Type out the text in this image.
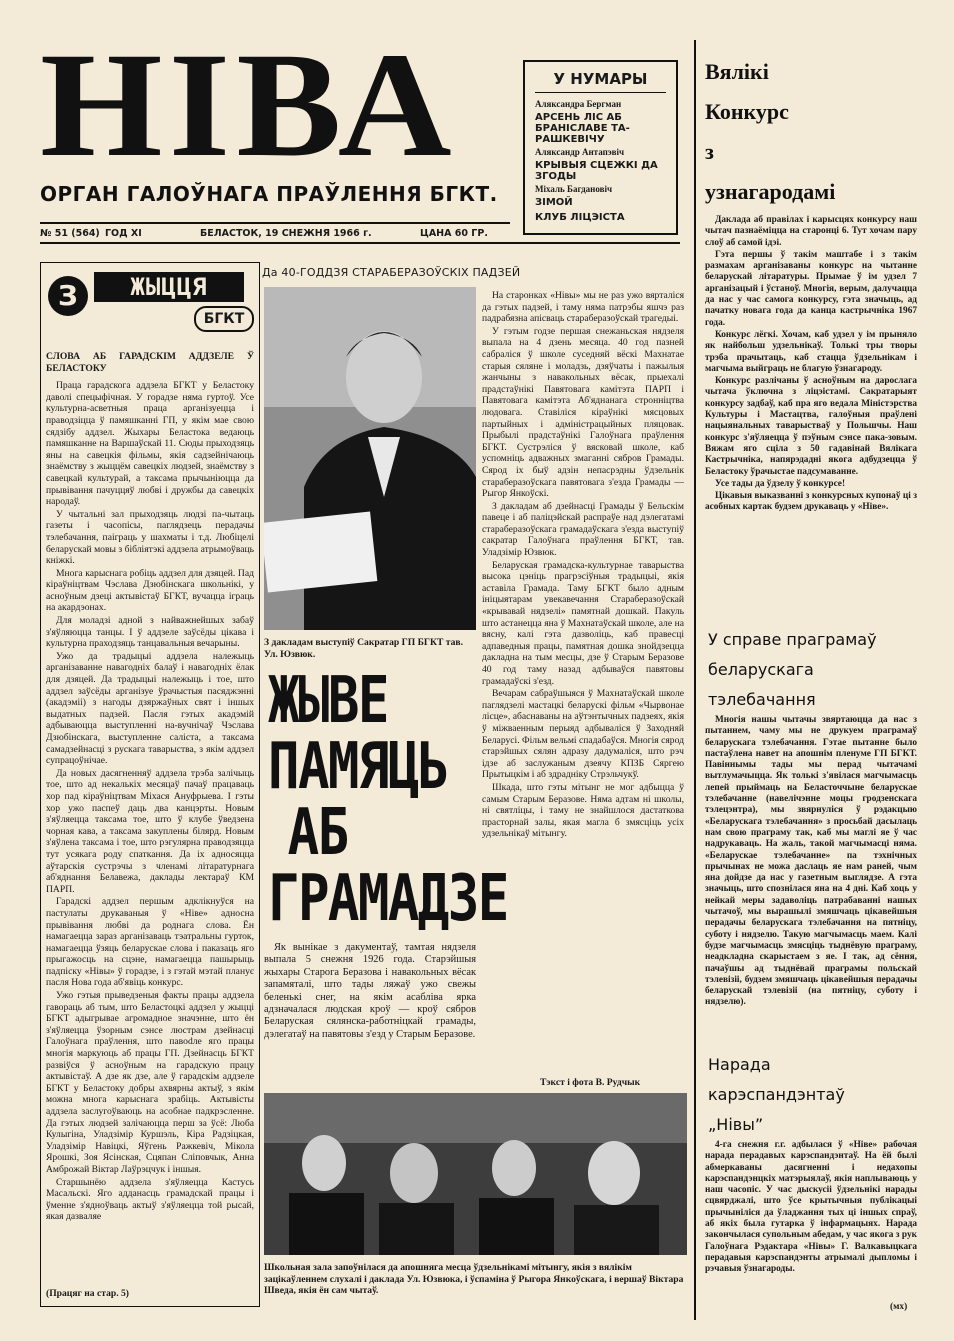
НІВА
ОРГАН ГАЛОЎНАГА ПРАЎЛЕННЯ БГКТ.
№ 51 (564) ГОД XI	БЕЛАСТОК, 19 СНЕЖНЯ 1966 г.	ЦАНА 60 ГР.
У НУМАРЫ

Аляксандра Бергман

АРСЕНЬ ЛІС АБ БРАНІСЛАВЕ ТА-РАШКЕВІЧУ

Аляксандр Антапэвіч

КРЫВЫЯ СЦЕЖКІ ДА ЗГОДЫ

Міхаль Багдановіч

ЗІМОЙ

КЛУБ ЛІЦЭІСТА

З	ЖЫЦЦЯ
БГКТ

СЛОВА АБ ГАРАДСКІМ АДДЗЕЛЕ Ў БЕЛАСТОКУ

Праца гарадскога аддзела БГКТ у Беластоку даволі спецыфічная. У горадзе няма гуртоў. Усе культурна-асветныя праца арганізуецца і праводзіцца ў памяшканні ГП, у якім мае свою сядзібу аддзел. Жыхары Беластока ведаюць памяшканне на Варшаўскай 11. Сюды прыходзяць яны на савецкія фільмы, якія садзейнічаюць знаёмству з жыццём савецкіх людзей, знаёмству з савецкай культурай, а таксама прычыніюцца да прывівання пачуццяў любві і дружбы да савецкіх народаў.

У чытальні зал прыходзяць людзі па-чытаць газеты і часопісы, паглядзець перадачы тэлебачання, паіграць у шахматы і т.д. Любіцелі беларускай мовы з бібліятэкі аддзела атрымоўваць кніжкі.

Многа карыснага робіць аддзел для дзяцей. Пад кіраўніцтвам Чэслава Дзюбінскага школьнікі, у асноўным дзеці актывістаў БГКТ, вучацца іграць на акардэонах.

Для моладзі адной з найважнейшых забаў з'яўляюцца танцы. І ў аддзеле заўсёды цікава і культурна праходзяць танцавальныя вечарыны.

Ужо да традыцыі аддзела належыць арганізаванне навагодніх балаў і навагодніх ёлак для дзяцей. Да традыцыі належыць і тое, што аддзел заўсёды арганізуе ўрачыстыя пасяджэнні (акадэміі) з нагоды дзяржаўных свят і іншых выдатных падзей. Пасля гэтых акадэмій адбываюцца выступленні на-вучнічаў Чэслава Дзюбінскага, выступленне саліста, а таксама самадзейнасці з рускага таварыства, з якім аддзел супрацоўнічае.

Да новых дасягненняў аддзела трэба залічыць тое, што ад некалькіх месяцаў пачаў працаваць хор пад кіраўніцтвам Міхася Ануфрыева. І гэты хор ужо паспеў даць два канцэрты. Новым з'яўляецца таксама тое, што ў клубе ўведзена чорная кава, а таксама закуплены білярд. Новым з'яўлена таксама і тое, што рэгулярна праводзяцца тут усякага роду спаткання. Да іх адносяцца аўтарскія сустрэчы з членамі літаратурнага аб'яднання Белавежа, даклады лектараў КМ ПАРП.

Гарадскі аддзел першым адклікнуўся на пастулаты друкаваныя ў «Ніве» адносна прывівання любві да роднага слова. Ён намагаецца зараз арганізаваць тэатральны гурток, намагаецца ўзяць беларускае слова і паказаць яго прыгажосць на сцэне, намагаецца пашырыць падпіску «Нівы» ў горадзе, і з гэтай мэтай планує пасля Нова года аб'явіць конкурс.

Ужо гэтыя прыведзеныя факты працы аддзела гавораць аб тым, што Беластоцкі аддзел у жыцці БГКТ адыгрывае агромадное значэнне, што ён з'яўляецца ўзорным сэнсе люстрам дзейнасці Галоўнага праўлення, што павodле яго працы многія маркуюць аб працы ГП. Дзейнасць БГКТ развіўся ў асноўным на гарадскую працу актывістаў. А дзе як дзе, але ў гарадскім аддзеле БГКТ у Беластоку добры ахвярны актыў, з якім можна многа карыснага зрабіць. Актывісты аддзела заслугоўваюць на асобнае падкрэсленне. Да гэтых людзей залічаюцца перш за ўсё: Люба Кулыгіна, Уладзімір Куршэль, Кіра Радзіцкая, Уладзімір Навіцкі, Яўгень Ражкевіч, Мікола Ярошкі, Зоя Ясінская, Сцяпан Сліповчык, Анна Амброжай Віктар Лаўрэцчук і іншыя.

Старшынёю аддзела з'яўляецца Кастусь Масальскі. Яго адданасць грамадскай працы і ўменне з'ядноўваць актыў з'яўляецца той рысай, якая дазваляе

(Працяг на стар. 5)
Да 40-ГОДДЗЯ СТАРАБЕРАЗОЎСКІХ ПАДЗЕЙ
З дакладам выступіў Сакратар ГП БГКТ тав. Ул. Юзвюк.
ЖЫВЕ
ПАМЯЦЬ
АБ
ГРАМАДЗЕ

Як вынікае з дакументаў, тамтая нядзеля выпала 5 снежня 1926 года. Старэйшыя жыхары Старога Беразова і навакольных вёсак запамяталі, што тады ляжаў ужо свежы беленькі снег, на якім асабліва ярка адзначалася людская кроў — кроў сябров Беларуская сялянска-работніцкай грамады, дэлегатаў на павятовы з'езд у Старым Беразове.

На старонках «Нівы» мы не раз ужо вярталіся да гэтых падзей, і таму няма патрэбы яшчэ раз падрабязна апісваць стараберазоўскай трагедыі.

У гэтым годзе першая снежаньская нядзеля выпала на 4 дзень месяца. 40 год пазней сабраліся ў школе суседняй вёскі Махнатае старыя сяляне і моладзь, дзяўчаты і пажылыя жанчыны з навакольных вёсак, прыехалі прадстаўнікі Павятовага камітэта ПАРП і Павятовага камітэта Аб'яднанага стронніцтва людовага. Ставіліся кіраўнікі мясцовых партыйных і адміністрацыйных пляцовак. Прыбылі прадстаўнікі Галоўнага праўлення БГКТ. Сустрэліся ў вясковай школе, каб успомніць адважных змаганні сябров Грамады. Сярод іх быў адзін непасрэдны ўдзельнік стараберазоўскага павятовага з'езда Грамады — Рыгор Янкоўскі.

З дакладам аб дзейнасці Грамады ў Бельскім павеце і аб паліцэйскай распраўе над дэлегатамі стараберазоўскага грамадаўскага з'езда выступіў сакратар Галоўнага праўлення БГКТ, тав. Уладзімір Юзвюк.

Беларуская грамадска-культурнае таварыства высока цэніць прагрэсіўныя традыцыі, якія аставіла Грамада. Таму БГКТ было адным ініцыятарам увекавечання Стараберазоўскай «крывавай нядзелі» памятнай дошкай. Пакуль што астанецца яна ў Махнатаўскай школе, але на вясну, калі гэта дазволіць, каб правесці адпаведныя працы, памятная дошка знойдзецца дакладна на тым месцы, дзе ў Старым Беразове 40 год таму назад адбываўся павятовы грамадаўскі з'езд.

Вечарам сабраўшыяся ў Махнатаўскай школе паглядзелі мастацкі беларускі фільм «Чырвонае лісце», абаснаваны на аўтэнтычных падзеях, якія ў міжваенным перыяд адбываліся ў Заходняй Беларусі. Фільм вельмі спадабаўся. Многія сярод старэйшых сялян адразу дадумаліся, што рэч ідзе аб заслужаным дзеячу КПЗБ Сяргею Прытыцкім і аб здрадніку Стрэльчукў.

Шкада, што гэты мітынг не мог адбыцца ў самым Старым Беразове. Няма адтам ні школы, ні святліцы, і таму не знайшлося дастаткова прасторнай залы, якая магла б змясціць усіх удзельнікаў мітынгу.

Тэкст і фота В. Рудчык
Школьная зала запоўнілася да апошняга месца ўдзельнікамі мітынгу, якія з вялікім зацікаўленнем слухалі і даклада Ул. Юзвюка, і ўспаміна ў Рыгора Янкоўскага, і вершаў Віктара Шведа, якія ён сам чытаў.
Вялікі
Конкурс
з
узнагародамі

Даклада аб правілах і карысцях конкурсу наш чытач пазнаёміцца на старонці 6. Тут хочам пару слоў аб самой ідэі.

Гэта першы ў такім маштабе і з такім размахам арганізаваны конкурс на чытанне беларускай літаратуры. Прымае ў ім удзел 7 арганізацый і ўстаноў. Многія, верым, далучацца да нас у час самога конкурсу, гэта значыць, ад пачатку новага года да канца кастрычніка 1967 года.

Конкурс лёгкі. Хочам, каб удзел у ім прыняло як найбольш удзельнікаў. Толькі тры творы трэба прачытаць, каб стацца ўдзельнікам і магчыма выйграць не благую ўзнагароду.

Конкурс разлічаны ў асноўным на дарослага чытача ўключна з ліцэістамі. Сакратарыят конкурсу задбаў, каб пра яго ведала Міністэрства Культуры і Мастацтва, галоўныя праўлені нацыянальных таварыстваў у Польшчы. Наш конкурс з'яўляецца ў пэўным сэнсе пака-зовым. Вяжам яго сціла з 50 гадавінай Вялікага Кастрычніка, напярэдадні якога адбудзецца ў Беластоку ўрачыстае падсумаванне.

Усе тады да ўдзелу ў конкурсе!

Цікавыя выказванні з конкурсных купонаў ці з асобных картак будзем друкаваць у «Ніве».

У справе праграмаў
беларускага
тэлебачання

Многія нашы чытачы звяртаюцца да нас з пытаннем, чаму мы не друкуем праграмаў беларускага тэлебачання. Гэтае пытанне было пастаўлена навет на апошнім пленуме ГП БГКТ. Павіннымы тады мы перад чытачамі вытлумачыцца. Як толькі з'явілася магчымасць лепей прыймаць на Беласточчыне беларускае тэлебачанне (навелічэнне моцы гродзенскага тэлецэнтра), мы звярнуліся ў рэдакцыю «Беларускага тэлебачання» з просьбай дасылаць нам свою праграму так, каб мы маглі яе ў час надрукаваць. На жаль, такой магчымасці няма. «Беларускае тэлебачанне» па тэхнічных прычынах не можа даслаць яе нам раней, чым яна дойдзе да нас у газетным выглядзе. А гэта значыць, што спознілася яна на 4 дні. Каб хоць у нейкай меры задаволіць патрабаванні нашых чытачоў, мы вырашылі змяшчаць цікавейшыя перадачы беларускага тэлебачання на пятніцу, суботу і нядзелю. Такую магчымасць маем. Калі будзе магчымасць змясціць тыднёвую праграму, неадкладна скарыстаем з яе. І так, ад сёння, пачаўшы ад тыднёвай праграмы польскай тэлевізіі, будзем змяшчаць цікавейшыя перадачы беларускай тэлевізіі (на пятніцу, суботу і нядзелю).

Нарада
карэспандэнтаў
„Нівы”

4-га снежня г.г. адбылася ў «Ніве» рабочая нарада перадавых карэспандэнтаў. На ёй былі абмеркаваны дасягненні і недахопы карэспандэнцкіх матэрыялаў, якія наплываюць у наш часопіс. У час дыскусіі ўдзельнікі нарады сцвярджалі, што ўсе крытычныя публікацыі прычыніліся да ўладжання тых ці іншых спраў, аб якіх была гутарка ў інфармацыях. Нарада закончылася супольным абедам, у час якога з рук Галоўнага Рэдактара «Нівы» Г. Валкавыцкага перадавыя карэспандэнты атрымалі дыпломы і рэчавыя ўзнагароды.

(мх)
